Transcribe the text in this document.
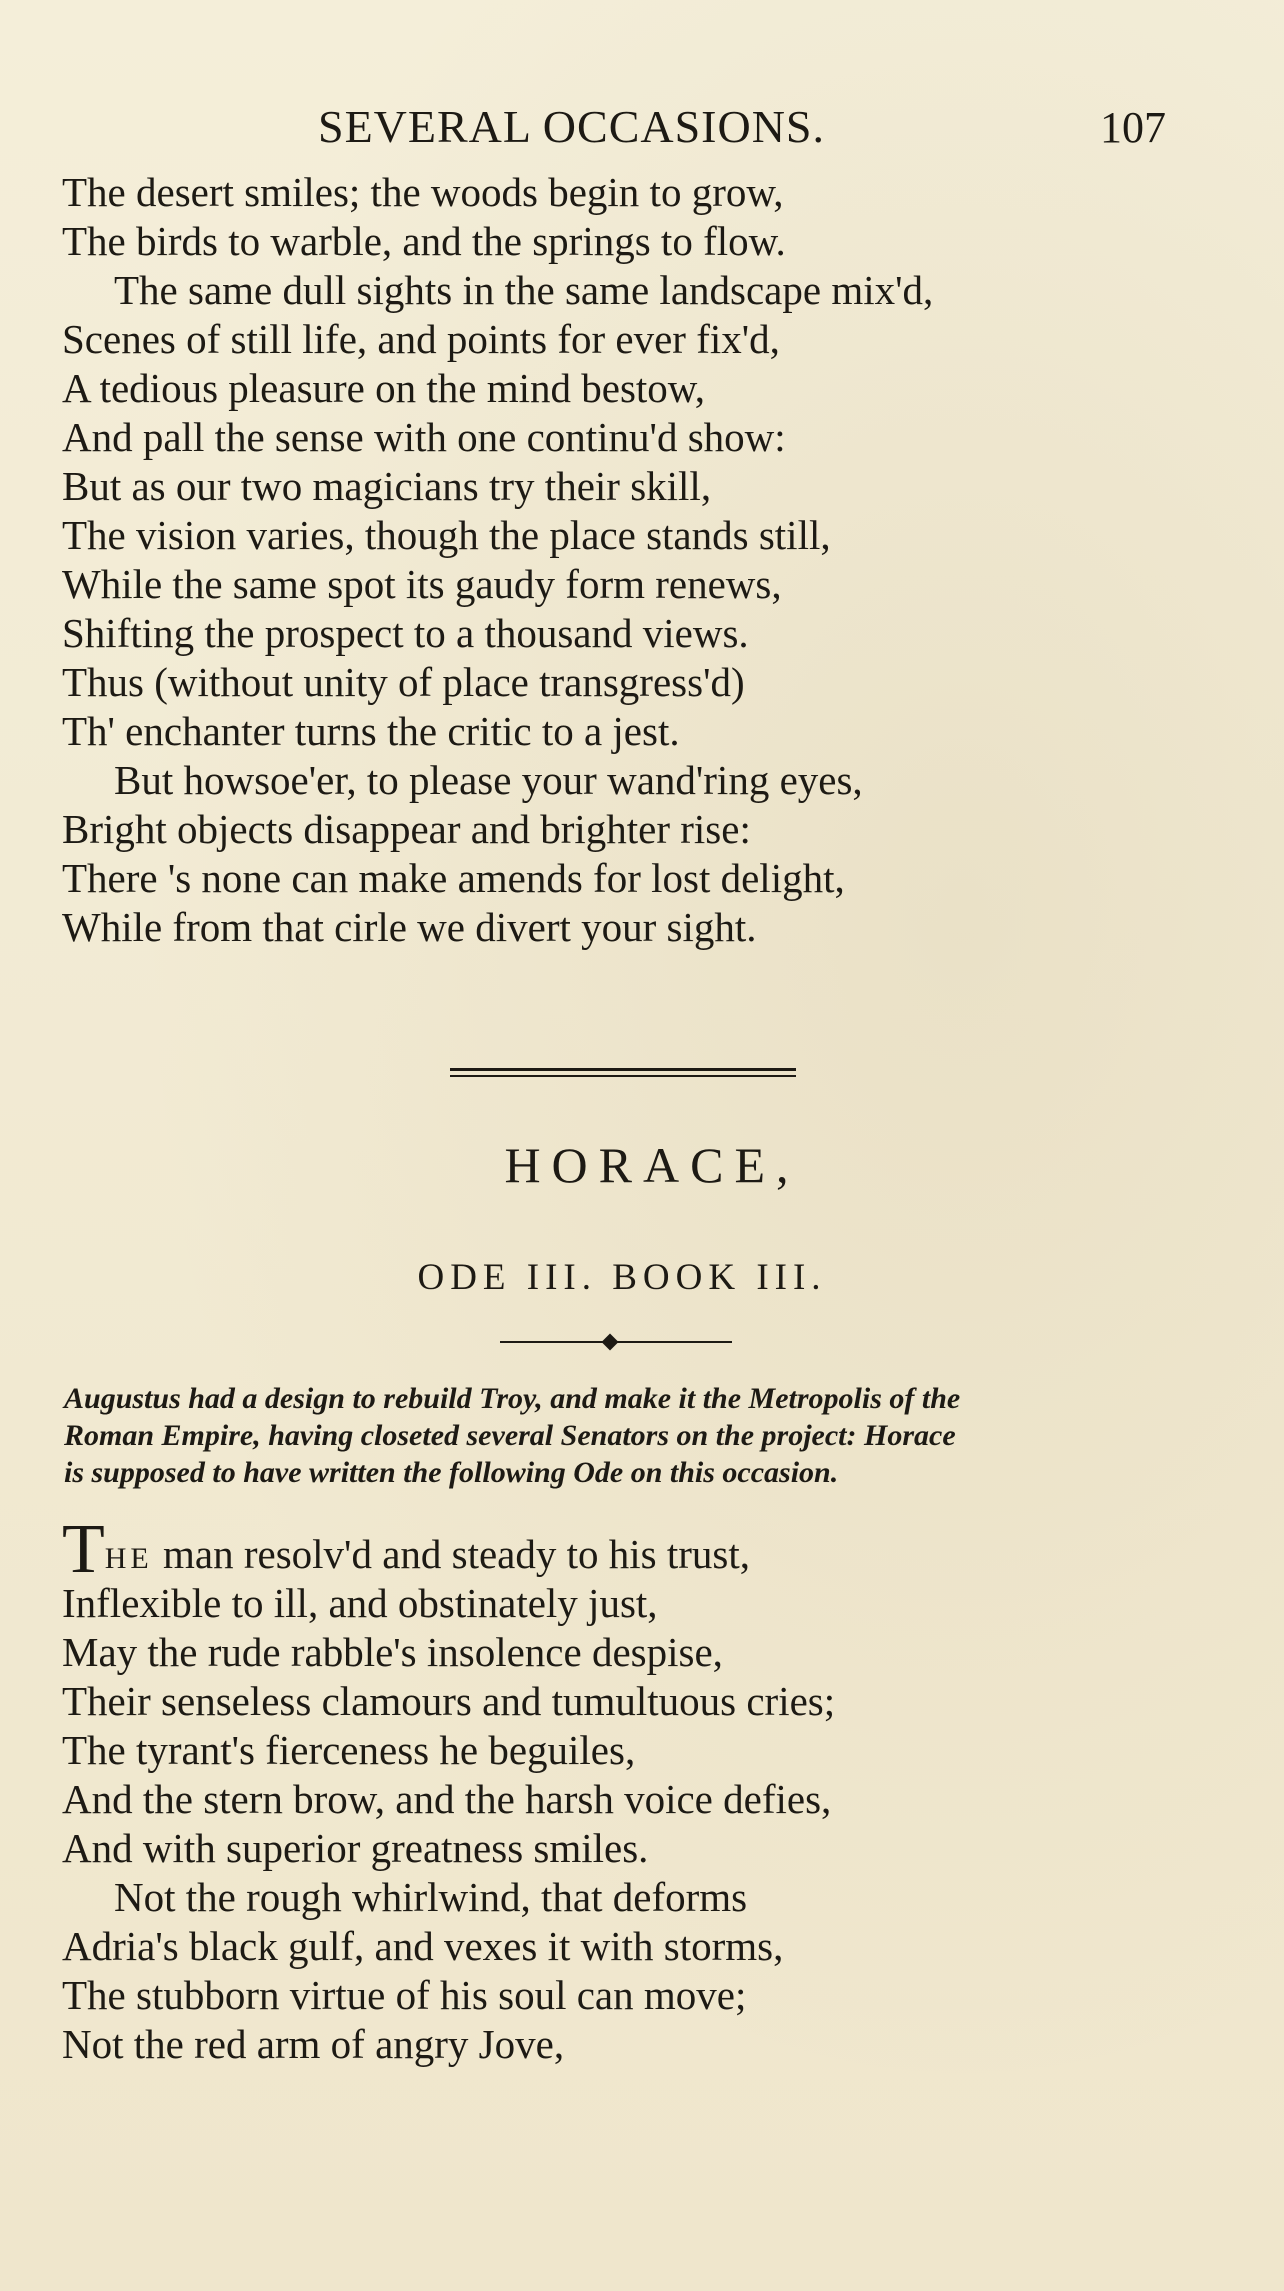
SEVERAL OCCASIONS.	107
The desert smiles; the woods begin to grow,
The birds to warble, and the springs to flow.
The same dull sights in the same landscape mix'd,
Scenes of still life, and points for ever fix'd,
A tedious pleasure on the mind bestow,
And pall the sense with one continu'd show:
But as our two magicians try their skill,
The vision varies, though the place stands still,
While the same spot its gaudy form renews,
Shifting the prospect to a thousand views.
Thus (without unity of place transgress'd)
Th' enchanter turns the critic to a jest.
But howsoe'er, to please your wand'ring eyes,
Bright objects disappear and brighter rise:
There 's none can make amends for lost delight,
While from that cirle we divert your sight.
HORACE,
ODE III. BOOK III.
Augustus had a design to rebuild Troy, and make it the Metropolis of the
Roman Empire, having closeted several Senators on the project: Horace
is supposed to have written the following Ode on this occasion.
THE man resolv'd and steady to his trust,
Inflexible to ill, and obstinately just,
May the rude rabble's insolence despise,
Their senseless clamours and tumultuous cries;
The tyrant's fierceness he beguiles,
And the stern brow, and the harsh voice defies,
And with superior greatness smiles.
Not the rough whirlwind, that deforms
Adria's black gulf, and vexes it with storms,
The stubborn virtue of his soul can move;
Not the red arm of angry Jove,
